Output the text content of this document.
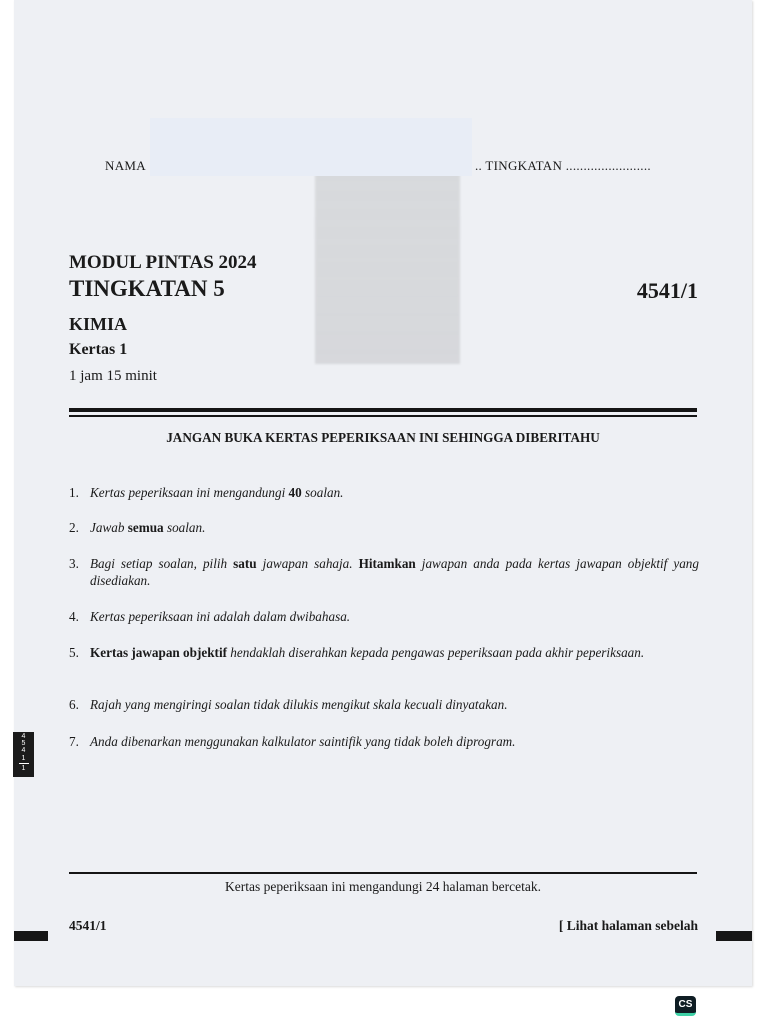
NAMA	.. TINGKATAN ........................
MODUL PINTAS 2024
TINGKATAN 5	4541/1
KIMIA
Kertas 1
1 jam 15 minit
JANGAN BUKA KERTAS PEPERIKSAAN INI SEHINGGA DIBERITAHU
1. Kertas peperiksaan ini mengandungi 40 soalan.
2. Jawab semua soalan.
3. Bagi setiap soalan, pilih satu jawapan sahaja. Hitamkan jawapan anda pada kertas jawapan objektif yang disediakan.
4. Kertas peperiksaan ini adalah dalam dwibahasa.
5. Kertas jawapan objektif hendaklah diserahkan kepada pengawas peperiksaan pada akhir peperiksaan.
6. Rajah yang mengiringi soalan tidak dilukis mengikut skala kecuali dinyatakan.
7. Anda dibenarkan menggunakan kalkulator saintifik yang tidak boleh diprogram.
4
5
4
1
1
Kertas peperiksaan ini mengandungi 24 halaman bercetak.
4541/1	[ Lihat halaman sebelah
CS
